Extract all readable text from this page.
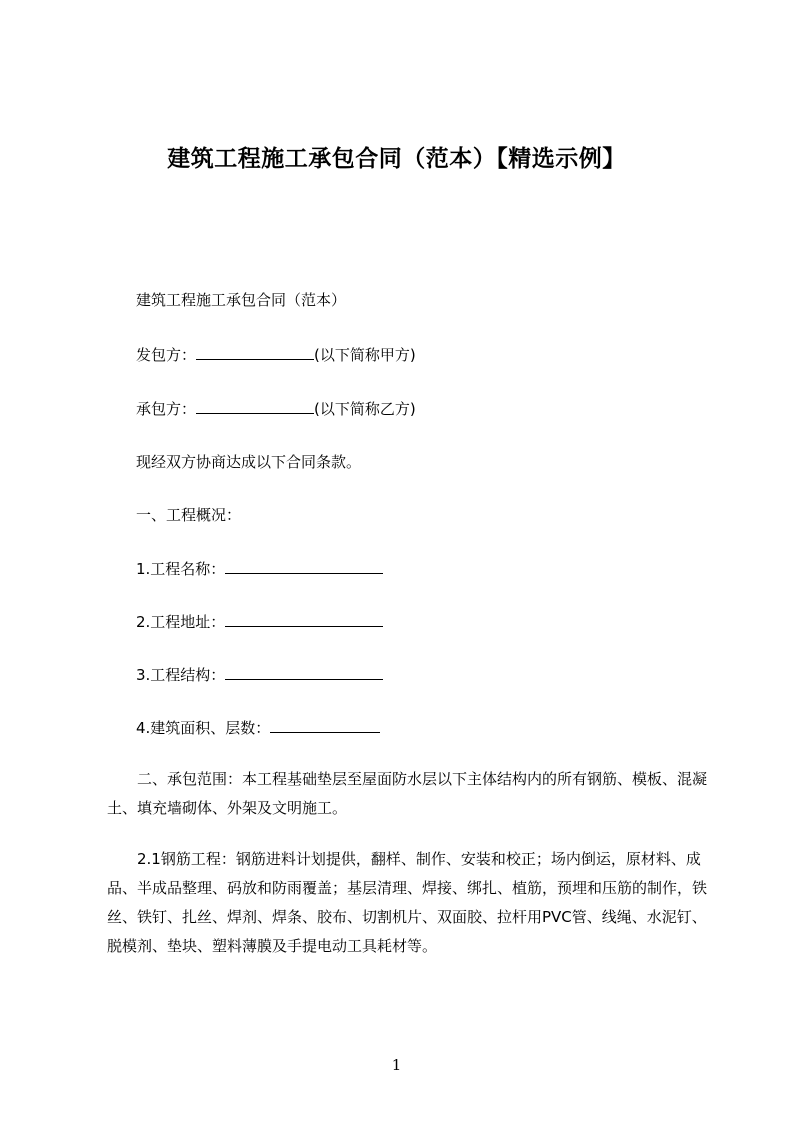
建筑工程施工承包合同（范本）【精选示例】
建筑工程施工承包合同（范本）
发包方：	(以下简称甲方)
承包方：	(以下简称乙方)
现经双方协商达成以下合同条款。
一、工程概况：
1.工程名称：
2.工程地址：
3.工程结构：
4.建筑面积、层数：
二、承包范围：本工程基础垫层至屋面防水层以下主体结构内的所有钢筋、模板、混凝土、填充墙砌体、外架及文明施工。
2.1钢筋工程：钢筋进料计划提供，翻样、制作、安装和校正；场内倒运，原材料、成品、半成品整理、码放和防雨覆盖；基层清理、焊接、绑扎、植筋，预埋和压筋的制作，铁丝、铁钉、扎丝、焊剂、焊条、胶布、切割机片、双面胶、拉杆用PVC管、线绳、水泥钉、脱模剂、垫块、塑料薄膜及手提电动工具耗材等。
1
